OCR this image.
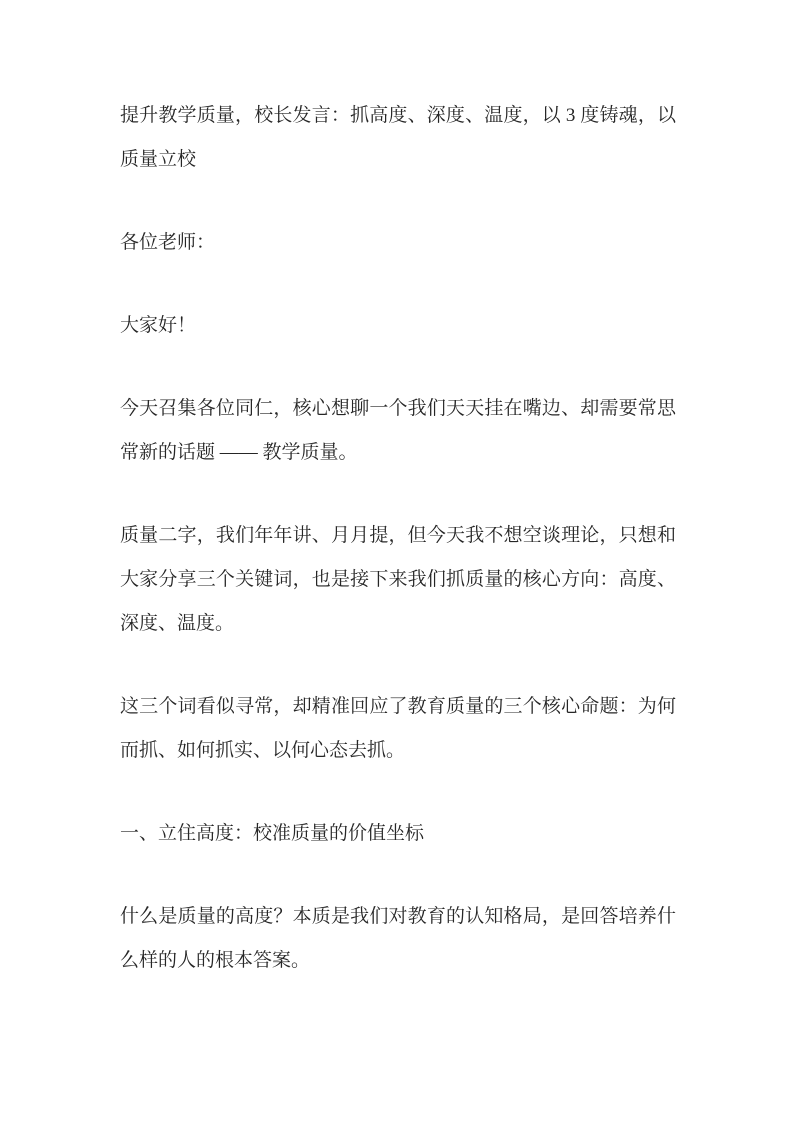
提升教学质量，校长发言：抓高度、深度、温度，以 3 度铸魂，以质量立校

各位老师：

大家好！

今天召集各位同仁，核心想聊一个我们天天挂在嘴边、却需要常思常新的话题 —— 教学质量。

质量二字，我们年年讲、月月提，但今天我不想空谈理论，只想和大家分享三个关键词，也是接下来我们抓质量的核心方向：高度、深度、温度。

这三个词看似寻常，却精准回应了教育质量的三个核心命题：为何而抓、如何抓实、以何心态去抓。

一、立住高度：校准质量的价值坐标

什么是质量的高度？本质是我们对教育的认知格局，是回答培养什么样的人的根本答案。
